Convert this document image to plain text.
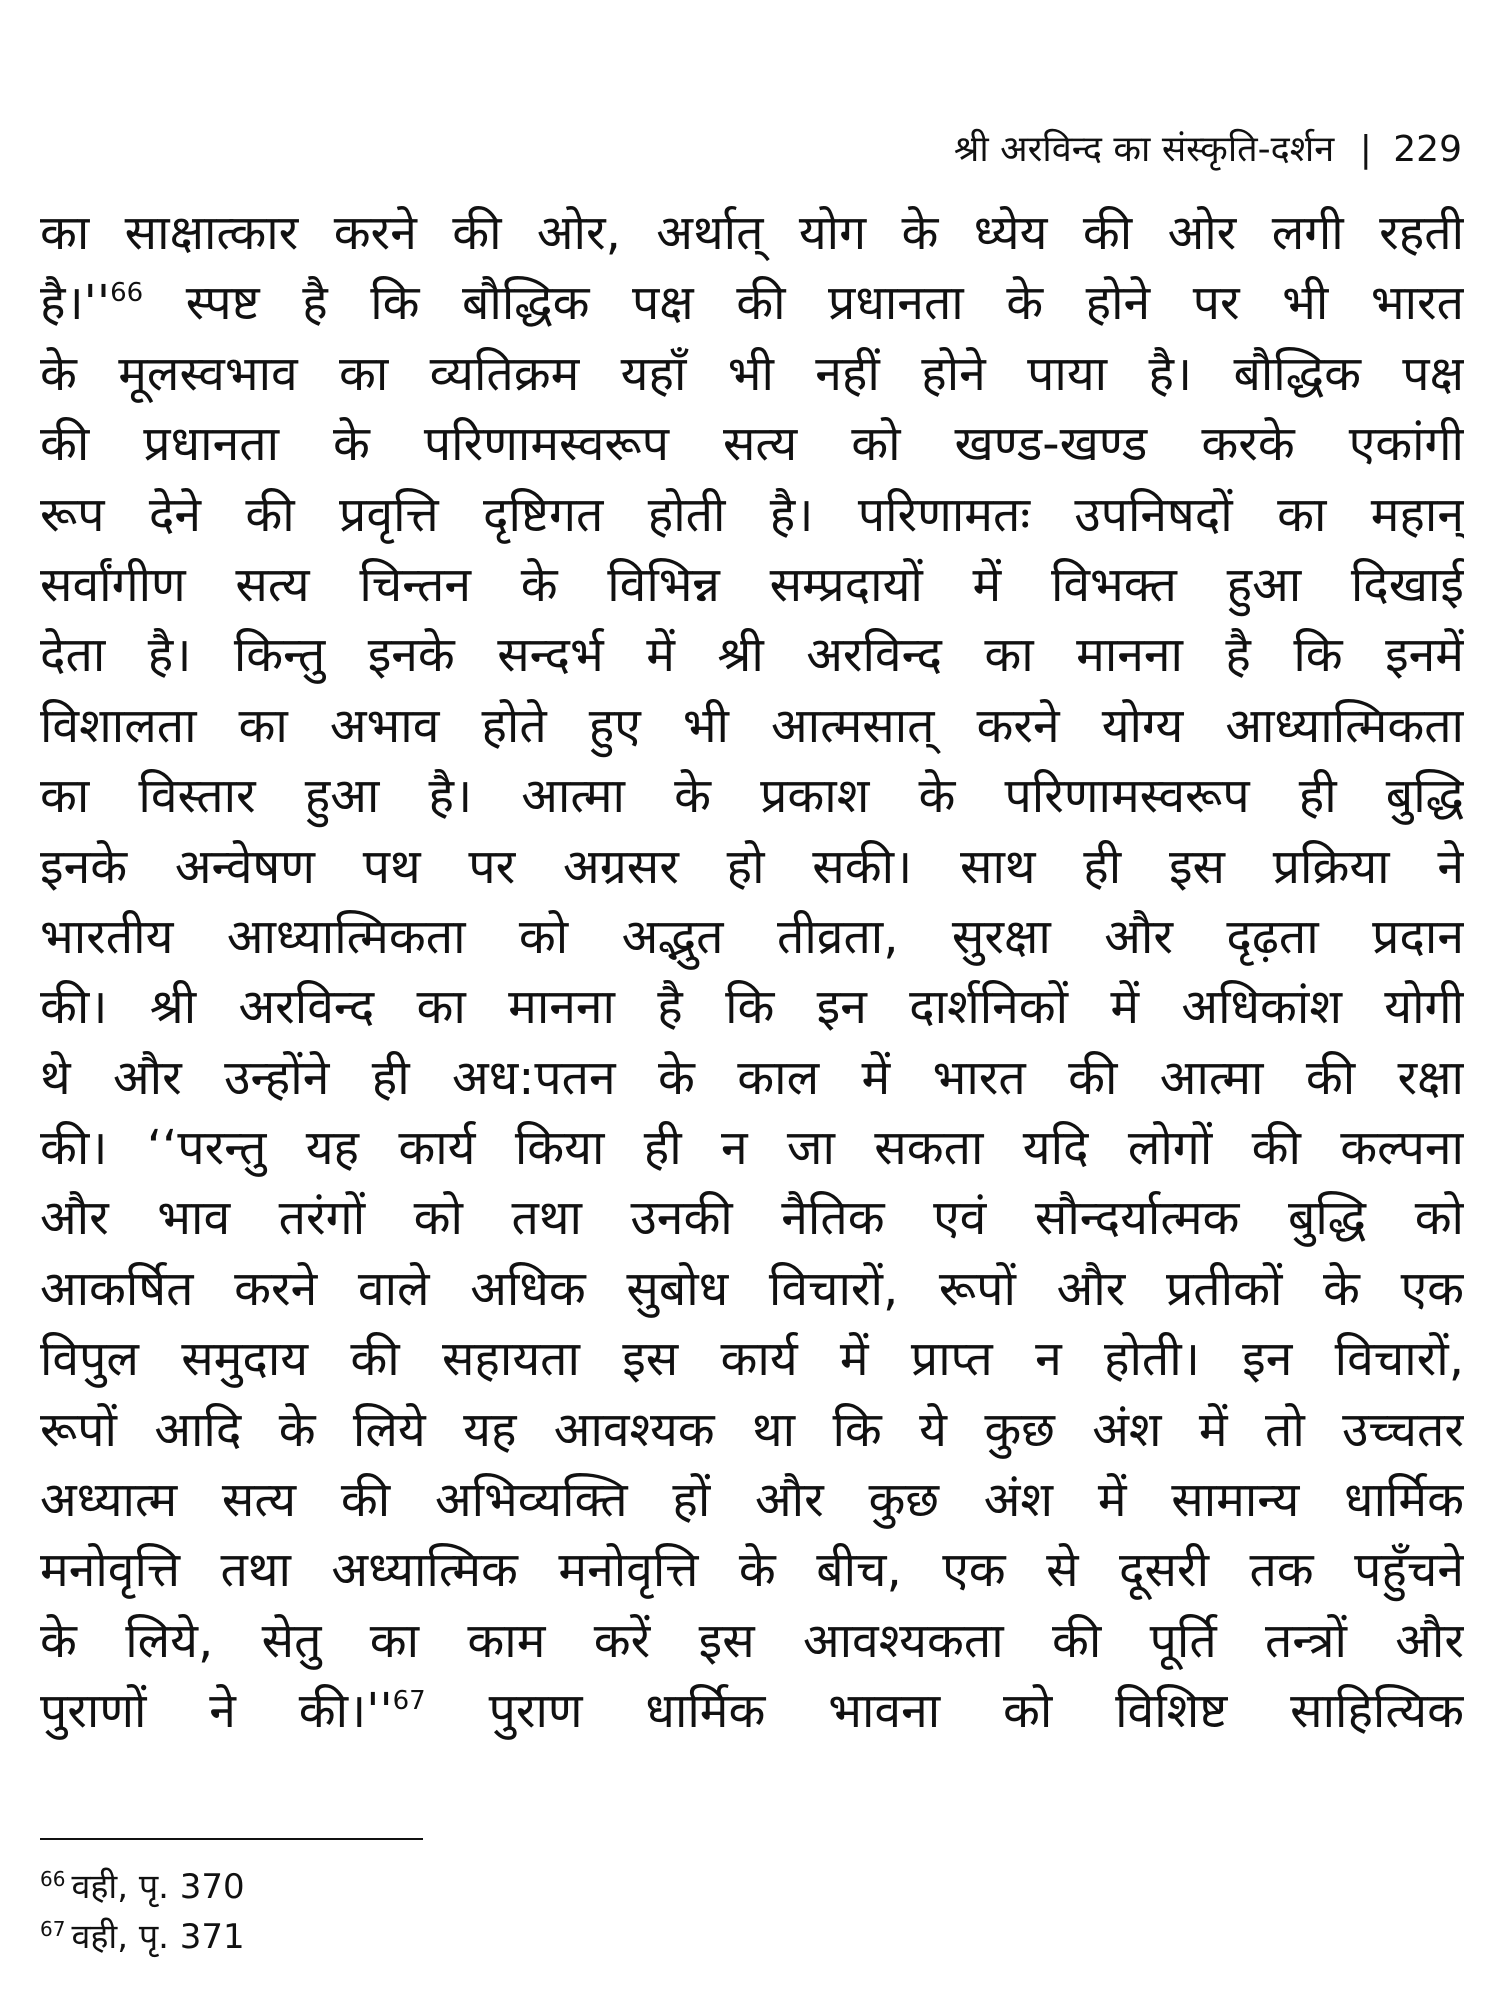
श्री अरविन्द का संस्कृति-दर्शन | 229
का साक्षात्कार करने की ओर, अर्थात् योग के ध्येय की ओर लगी रहती
है।''$^{66}$ स्पष्ट है कि बौद्धिक पक्ष की प्रधानता के होने पर भी भारत
के मूलस्वभाव का व्यतिक्रम यहाँ भी नहीं होने पाया है। बौद्धिक पक्ष
की प्रधानता के परिणामस्वरूप सत्य को खण्ड-खण्ड करके एकांगी
रूप देने की प्रवृत्ति दृष्टिगत होती है। परिणामतः उपनिषदों का महान्
सर्वांगीण सत्य चिन्तन के विभिन्न सम्प्रदायों में विभक्त हुआ दिखाई
देता है। किन्तु इनके सन्दर्भ में श्री अरविन्द का मानना है कि इनमें
विशालता का अभाव होते हुए भी आत्मसात् करने योग्य आध्यात्मिकता
का विस्तार हुआ है। आत्मा के प्रकाश के परिणामस्वरूप ही बुद्धि
इनके अन्वेषण पथ पर अग्रसर हो सकी। साथ ही इस प्रक्रिया ने
भारतीय आध्यात्मिकता को अद्भुत तीव्रता, सुरक्षा और दृढ़ता प्रदान
की। श्री अरविन्द का मानना है कि इन दार्शनिकों में अधिकांश योगी
थे और उन्होंने ही अध:पतन के काल में भारत की आत्मा की रक्षा
की। ‘‘परन्तु यह कार्य किया ही न जा सकता यदि लोगों की कल्पना
और भाव तरंगों को तथा उनकी नैतिक एवं सौन्दर्यात्मक बुद्धि को
आकर्षित करने वाले अधिक सुबोध विचारों, रूपों और प्रतीकों के एक
विपुल समुदाय की सहायता इस कार्य में प्राप्त न होती। इन विचारों,
रूपों आदि के लिये यह आवश्यक था कि ये कुछ अंश में तो उच्चतर
अध्यात्म सत्य की अभिव्यक्ति हों और कुछ अंश में सामान्य धार्मिक
मनोवृत्ति तथा अध्यात्मिक मनोवृत्ति के बीच, एक से दूसरी तक पहुँचने
के लिये, सेतु का काम करें इस आवश्यकता की पूर्ति तन्त्रों और
पुराणों ने की।''$^{67}$ पुराण धार्मिक भावना को विशिष्ट साहित्यिक
$^{66}$ वही, पृ. 370
$^{67}$ वही, पृ. 371
